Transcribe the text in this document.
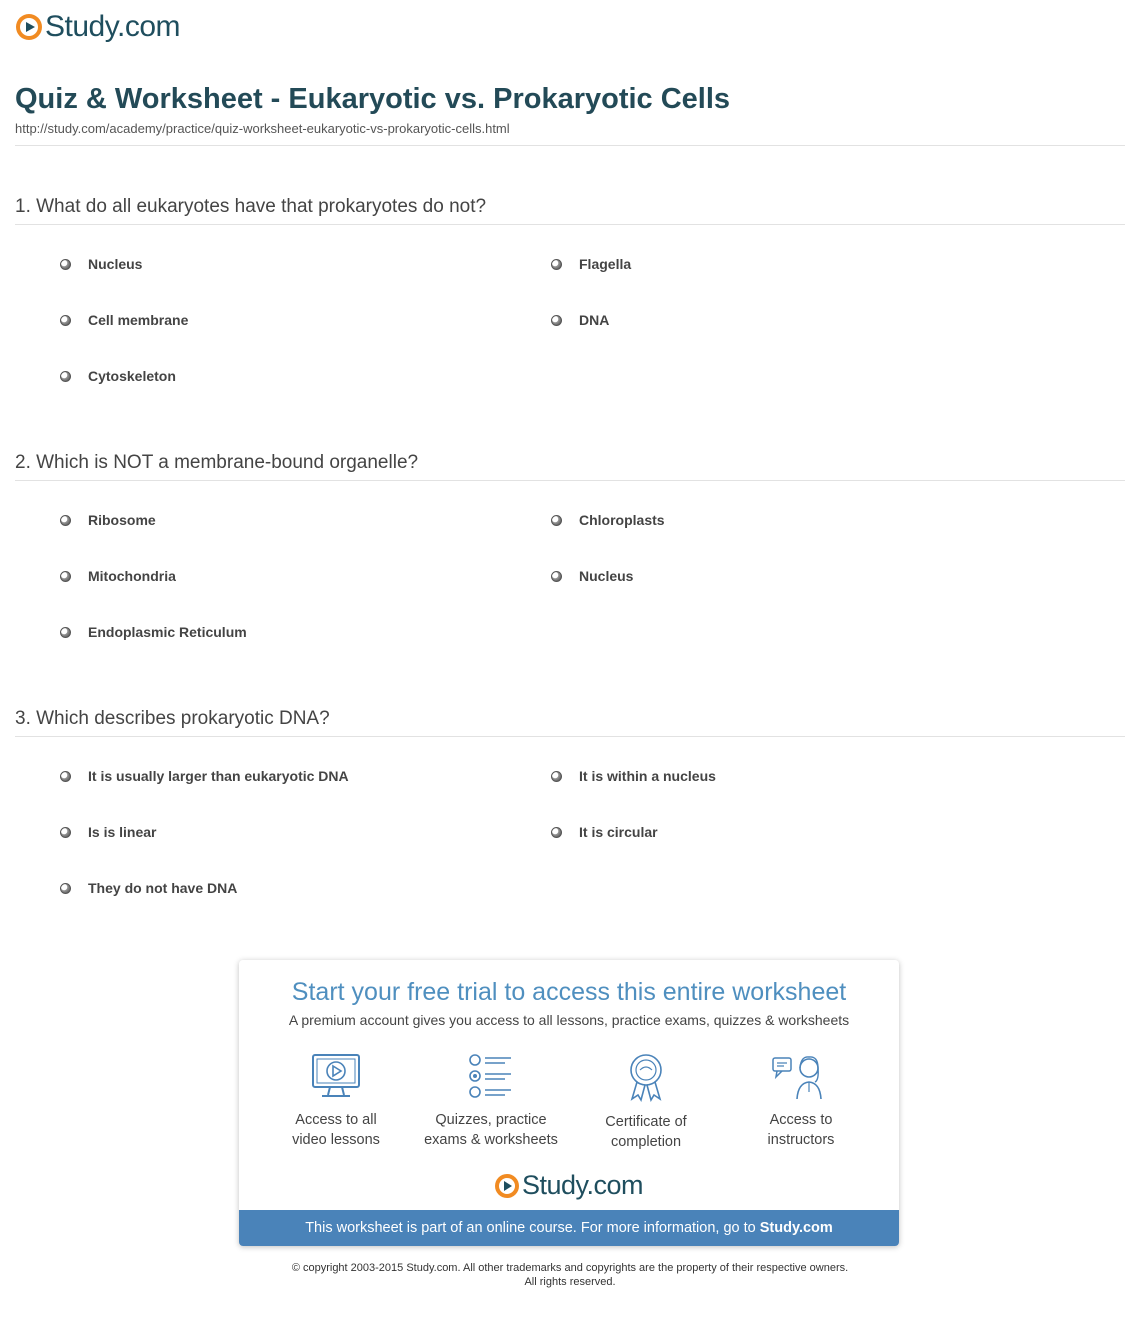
Study.com
Quiz & Worksheet - Eukaryotic vs. Prokaryotic Cells
http://study.com/academy/practice/quiz-worksheet-eukaryotic-vs-prokaryotic-cells.html
1. What do all eukaryotes have that prokaryotes do not?
Nucleus	Flagella
Cell membrane	DNA
Cytoskeleton
2. Which is NOT a membrane-bound organelle?
Ribosome	Chloroplasts
Mitochondria	Nucleus
Endoplasmic Reticulum
3. Which describes prokaryotic DNA?
It is usually larger than eukaryotic DNA	It is within a nucleus
Is is linear	It is circular
They do not have DNA
Start your free trial to access this entire worksheet
A premium account gives you access to all lessons, practice exams, quizzes & worksheets
Access to all
video lessons
Quizzes, practice
exams & worksheets
Certificate of
completion
Access to
instructors
Study.com
This worksheet is part of an online course. For more information, go to Study.com
© copyright 2003-2015 Study.com. All other trademarks and copyrights are the property of their respective owners.
All rights reserved.
